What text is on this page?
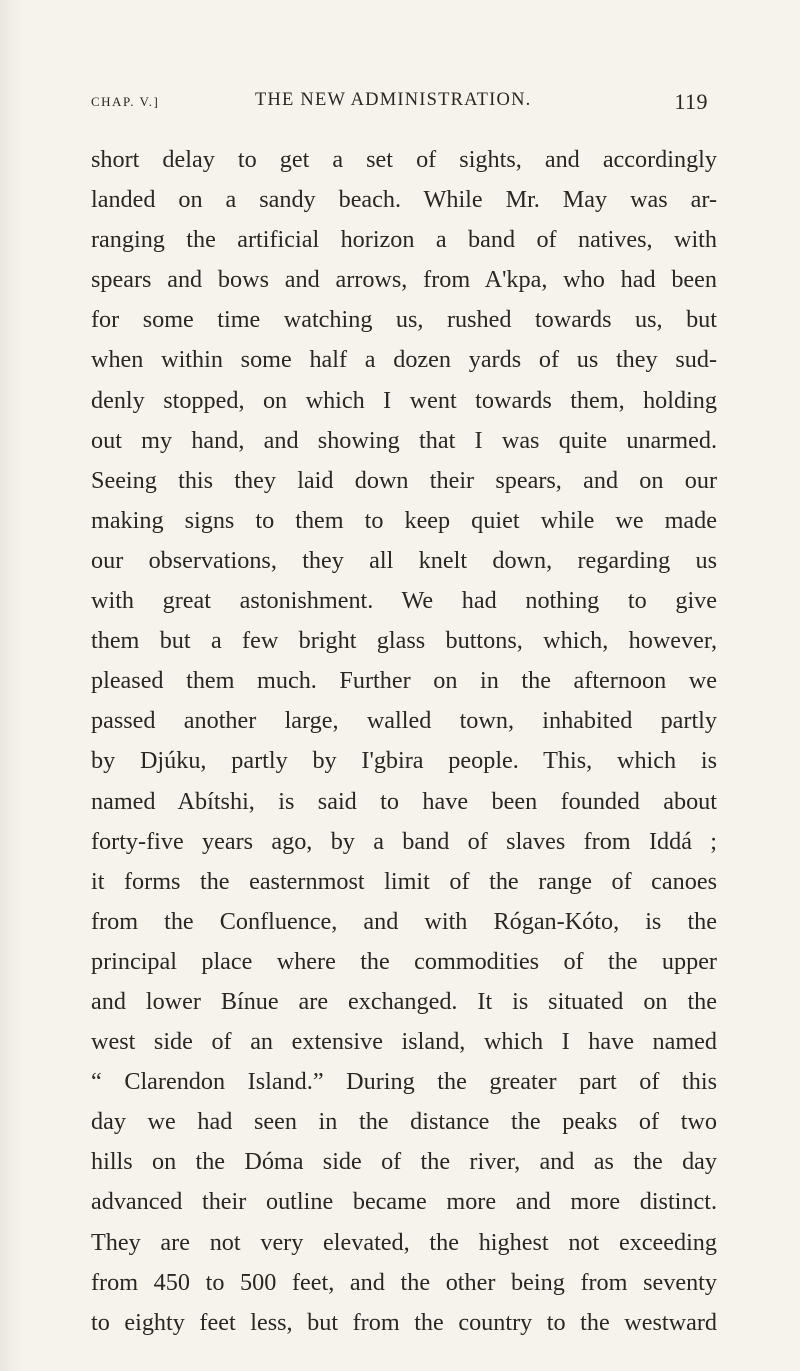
CHAP. V.]	THE NEW ADMINISTRATION.	119
short delay to get a set of sights, and accordingly
landed on a sandy beach. While Mr. May was ar-
ranging the artificial horizon a band of natives, with
spears and bows and arrows, from A'kpa, who had been
for some time watching us, rushed towards us, but
when within some half a dozen yards of us they sud-
denly stopped, on which I went towards them, holding
out my hand, and showing that I was quite unarmed.
Seeing this they laid down their spears, and on our
making signs to them to keep quiet while we made
our observations, they all knelt down, regarding us
with great astonishment. We had nothing to give
them but a few bright glass buttons, which, however,
pleased them much. Further on in the afternoon we
passed another large, walled town, inhabited partly
by Djúku, partly by I'gbira people. This, which is
named Abítshi, is said to have been founded about
forty-five years ago, by a band of slaves from Iddá ;
it forms the easternmost limit of the range of canoes
from the Confluence, and with Rógan-Kóto, is the
principal place where the commodities of the upper
and lower Bínue are exchanged. It is situated on the
west side of an extensive island, which I have named
“ Clarendon Island.” During the greater part of this
day we had seen in the distance the peaks of two
hills on the Dóma side of the river, and as the day
advanced their outline became more and more distinct.
They are not very elevated, the highest not exceeding
from 450 to 500 feet, and the other being from seventy
to eighty feet less, but from the country to the westward
